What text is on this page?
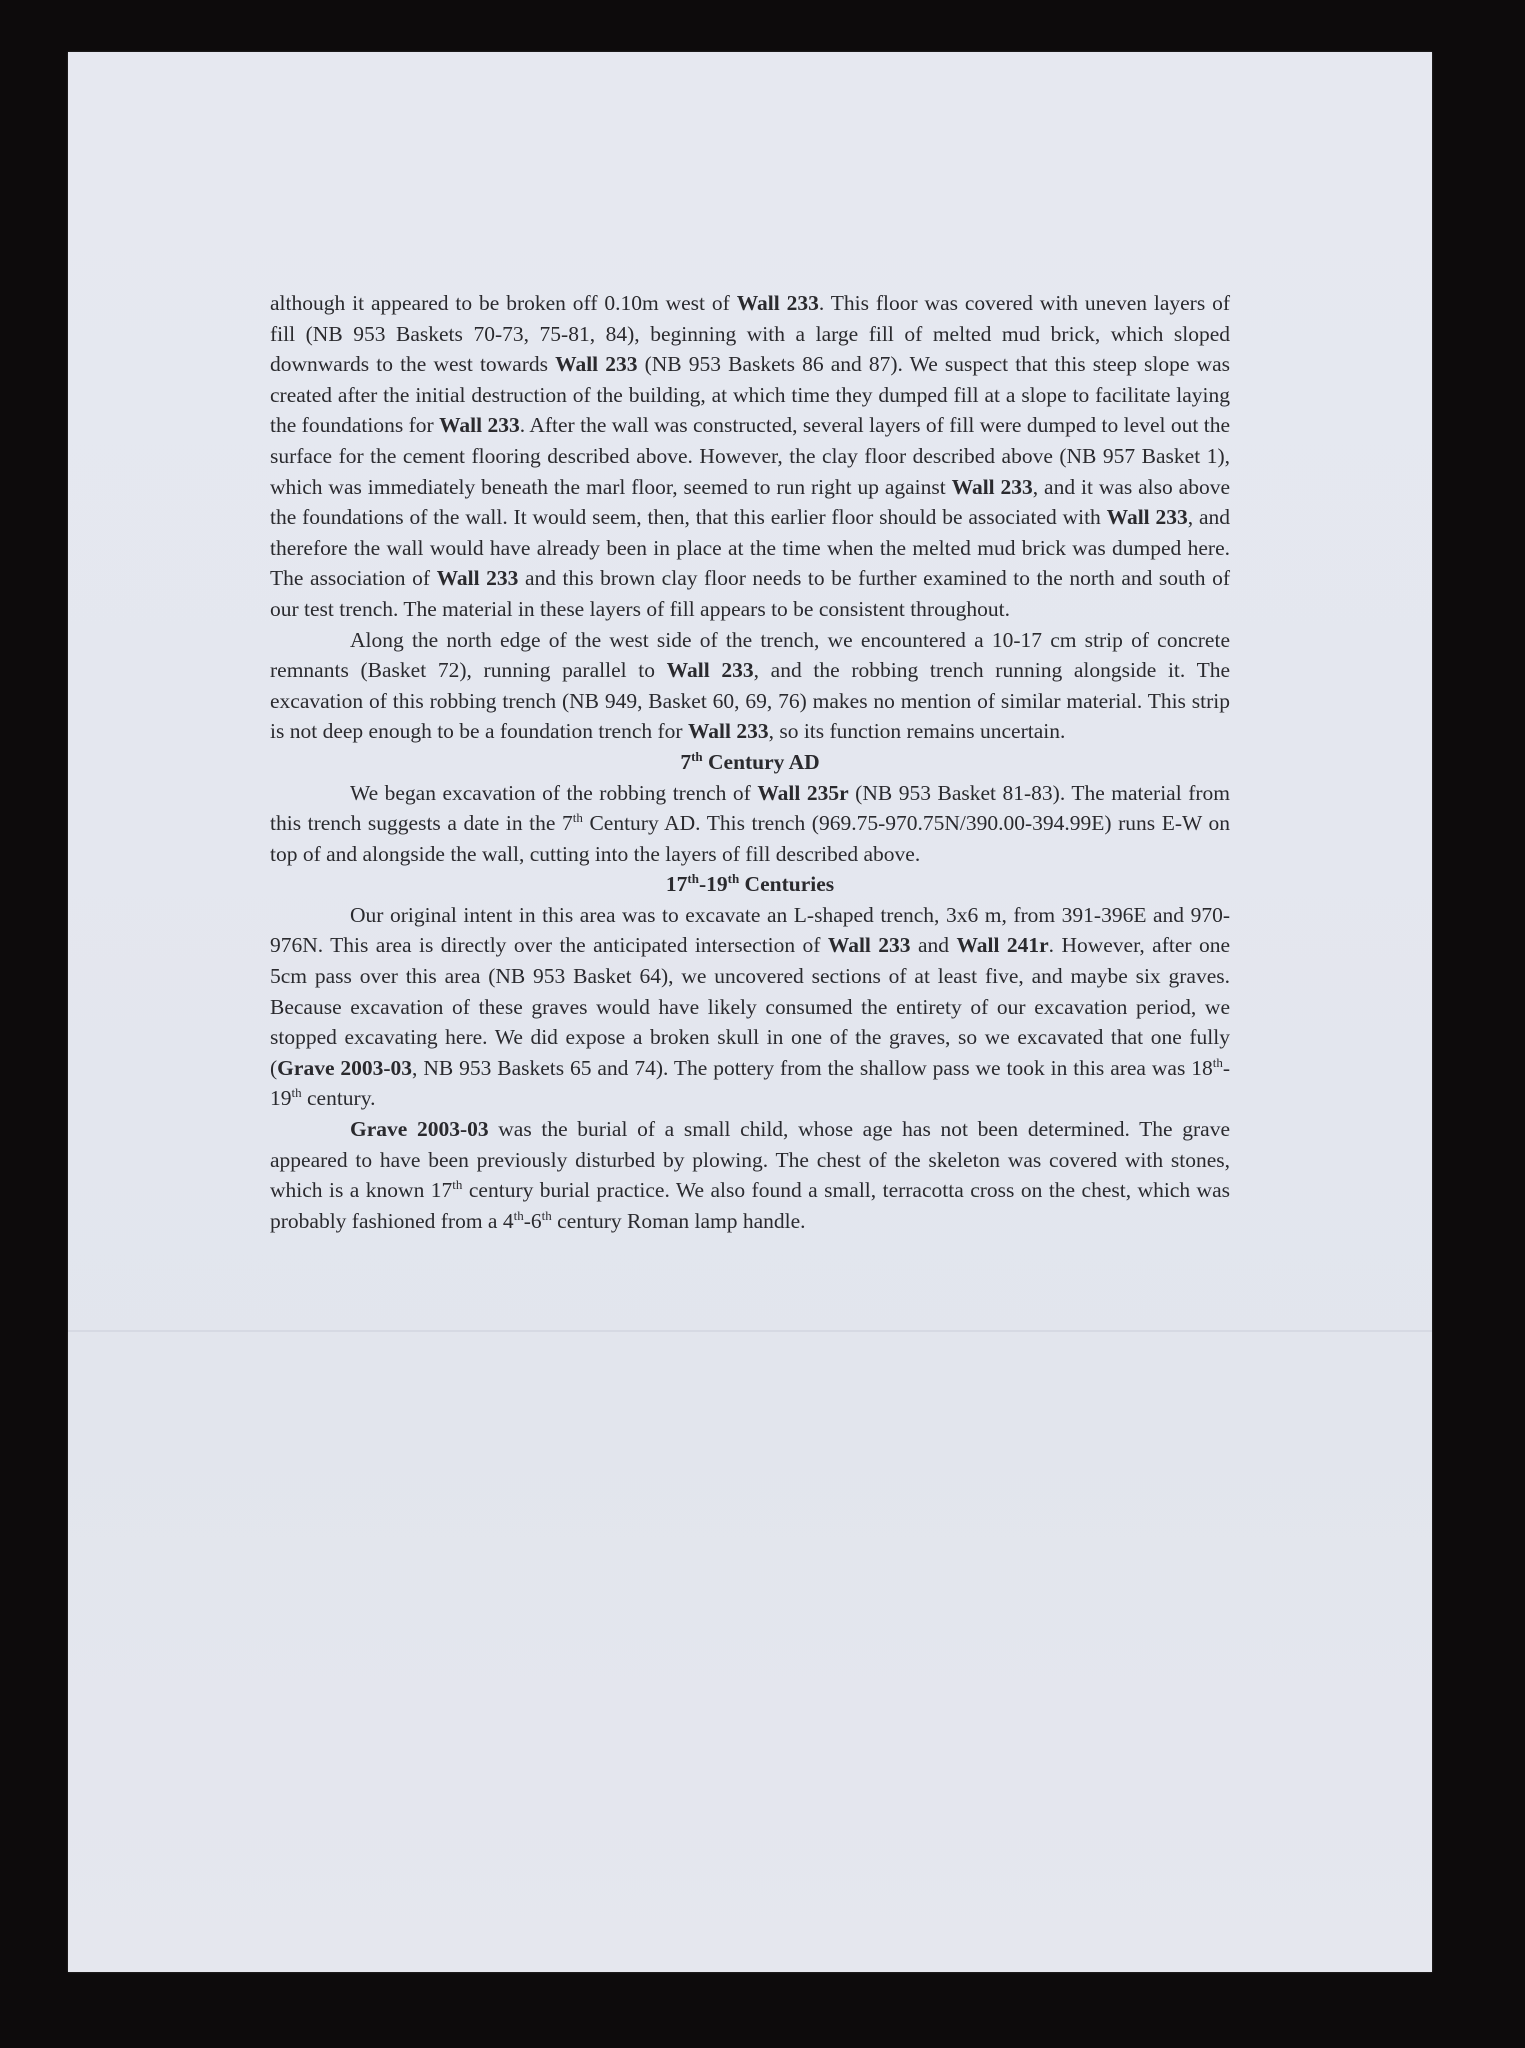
although it appeared to be broken off 0.10m west of Wall 233. This floor was covered with uneven layers of fill (NB 953 Baskets 70-73, 75-81, 84), beginning with a large fill of melted mud brick, which sloped downwards to the west towards Wall 233 (NB 953 Baskets 86 and 87). We suspect that this steep slope was created after the initial destruction of the building, at which time they dumped fill at a slope to facilitate laying the foundations for Wall 233. After the wall was constructed, several layers of fill were dumped to level out the surface for the cement flooring described above. However, the clay floor described above (NB 957 Basket 1), which was immediately beneath the marl floor, seemed to run right up against Wall 233, and it was also above the foundations of the wall. It would seem, then, that this earlier floor should be associated with Wall 233, and therefore the wall would have already been in place at the time when the melted mud brick was dumped here. The association of Wall 233 and this brown clay floor needs to be further examined to the north and south of our test trench. The material in these layers of fill appears to be consistent throughout.

Along the north edge of the west side of the trench, we encountered a 10-17 cm strip of concrete remnants (Basket 72), running parallel to Wall 233, and the robbing trench running alongside it. The excavation of this robbing trench (NB 949, Basket 60, 69, 76) makes no mention of similar material. This strip is not deep enough to be a foundation trench for Wall 233, so its function remains uncertain.

7th Century AD

We began excavation of the robbing trench of Wall 235r (NB 953 Basket 81-83). The material from this trench suggests a date in the 7th Century AD. This trench (969.75-970.75N/390.00-394.99E) runs E-W on top of and alongside the wall, cutting into the layers of fill described above.

17th-19th Centuries

Our original intent in this area was to excavate an L-shaped trench, 3x6 m, from 391-396E and 970-976N. This area is directly over the anticipated intersection of Wall 233 and Wall 241r. However, after one 5cm pass over this area (NB 953 Basket 64), we uncovered sections of at least five, and maybe six graves. Because excavation of these graves would have likely consumed the entirety of our excavation period, we stopped excavating here. We did expose a broken skull in one of the graves, so we excavated that one fully (Grave 2003-03, NB 953 Baskets 65 and 74). The pottery from the shallow pass we took in this area was 18th-19th century.

Grave 2003-03 was the burial of a small child, whose age has not been determined. The grave appeared to have been previously disturbed by plowing. The chest of the skeleton was covered with stones, which is a known 17th century burial practice. We also found a small, terracotta cross on the chest, which was probably fashioned from a 4th-6th century Roman lamp handle.
